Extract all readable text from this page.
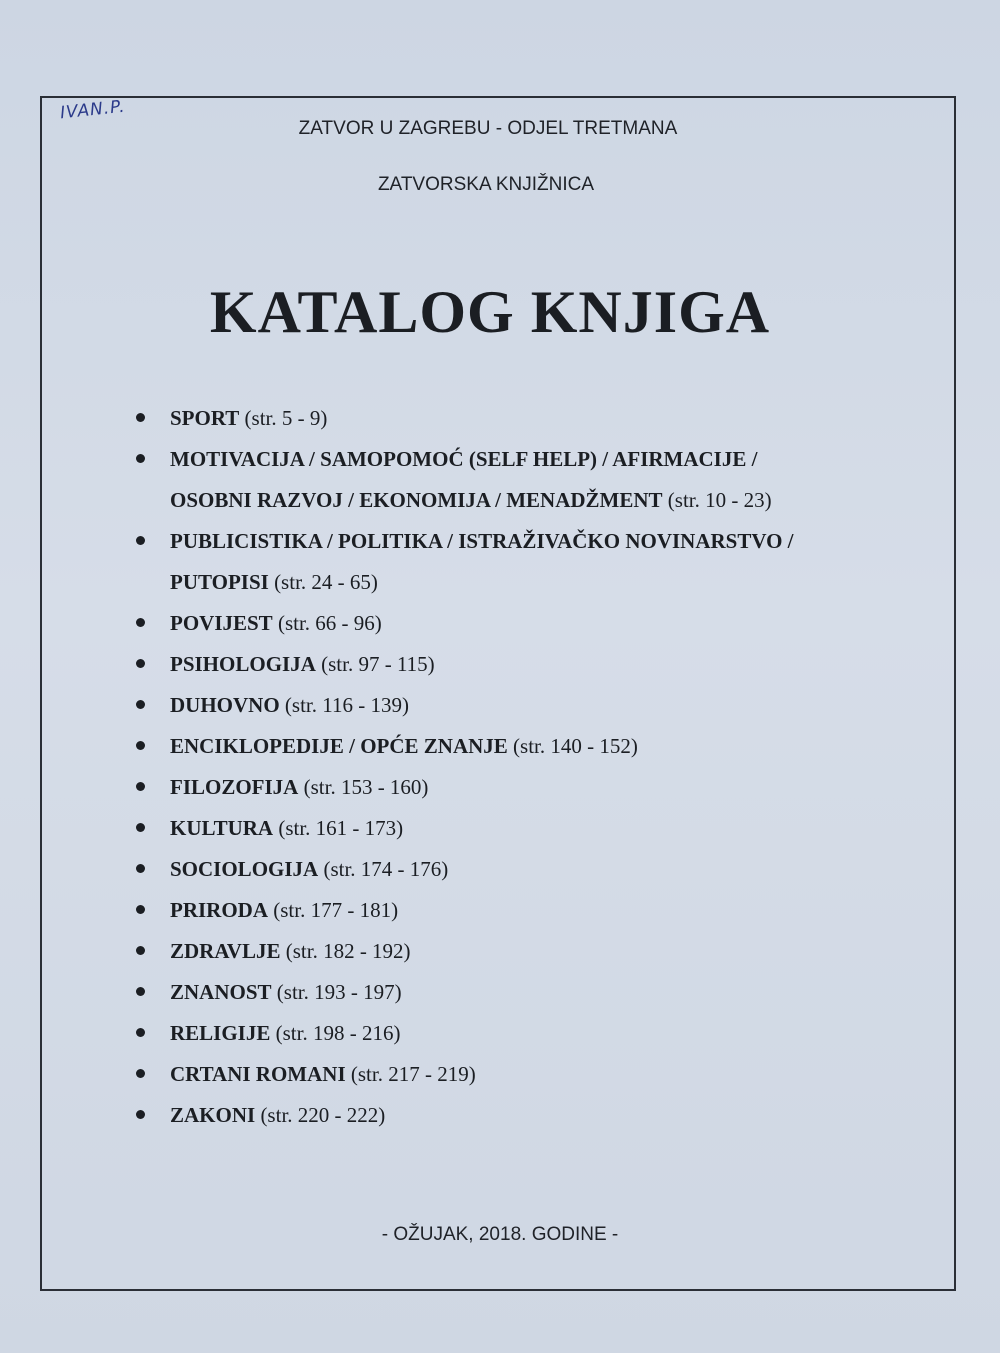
IVAN.P.
ZATVOR U ZAGREBU - ODJEL TRETMANA
ZATVORSKA KNJIŽNICA
KATALOG KNJIGA
SPORT (str. 5 - 9)
MOTIVACIJA / SAMOPOMOĆ (SELF HELP) / AFIRMACIJE /
OSOBNI RAZVOJ / EKONOMIJA / MENADŽMENT (str. 10 - 23)
PUBLICISTIKA / POLITIKA / ISTRAŽIVAČKO NOVINARSTVO /
PUTOPISI (str. 24 - 65)
POVIJEST (str. 66 - 96)
PSIHOLOGIJA (str. 97 - 115)
DUHOVNO (str. 116 - 139)
ENCIKLOPEDIJE / OPĆE ZNANJE (str. 140 - 152)
FILOZOFIJA (str. 153 - 160)
KULTURA (str. 161 - 173)
SOCIOLOGIJA (str. 174 - 176)
PRIRODA (str. 177 - 181)
ZDRAVLJE (str. 182 - 192)
ZNANOST (str. 193 - 197)
RELIGIJE (str. 198 - 216)
CRTANI ROMANI (str. 217 - 219)
ZAKONI (str. 220 - 222)
- OŽUJAK, 2018. GODINE -
